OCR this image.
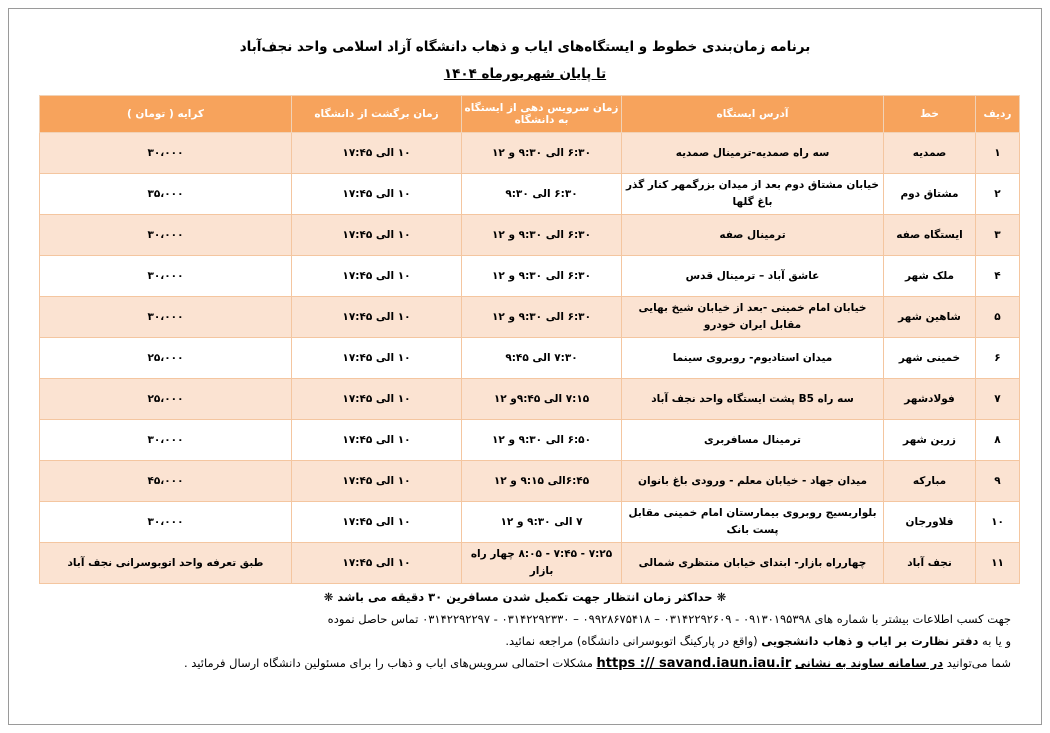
برنامه زمان‌بندی خطوط و ایستگاه‌های ایاب و ذهاب دانشگاه آزاد اسلامی واحد نجف‌آباد
تا پایان شهریورماه ۱۴۰۴
ردیف	خط	آدرس ایستگاه	زمان سرویس دهی از ایستگاه به دانشگاه	زمان برگشت از دانشگاه	کرایه ( تومان )
۱	صمدیه	سه راه صمدیه-ترمینال صمدیه	۶:۳۰ الی ۹:۳۰ و ۱۲	۱۰ الی ۱۷:۴۵	۳۰،۰۰۰
۲	مشتاق دوم	خیابان مشتاق دوم بعد از میدان بزرگمهر کنار گذر باغ گلها	۶:۳۰ الی ۹:۳۰	۱۰ الی ۱۷:۴۵	۳۵،۰۰۰
۳	ایستگاه صفه	ترمینال صفه	۶:۳۰ الی ۹:۳۰ و ۱۲	۱۰ الی ۱۷:۴۵	۳۰،۰۰۰
۴	ملک شهر	عاشق آباد – ترمینال قدس	۶:۳۰ الی ۹:۳۰ و ۱۲	۱۰ الی ۱۷:۴۵	۳۰،۰۰۰
۵	شاهین شهر	خیابان امام خمینی -بعد از خیابان شیخ بهایی مقابل ایران خودرو	۶:۳۰ الی ۹:۳۰ و ۱۲	۱۰ الی ۱۷:۴۵	۳۰،۰۰۰
۶	خمینی شهر	میدان استادیوم- روبروی سینما	۷:۳۰ الی ۹:۴۵	۱۰ الی ۱۷:۴۵	۲۵،۰۰۰
۷	فولادشهر	سه راه B5 پشت ایستگاه واحد نجف آباد	۷:۱۵ الی ۹:۴۵و ۱۲	۱۰ الی ۱۷:۴۵	۲۵،۰۰۰
۸	زرین شهر	ترمینال مسافربری	۶:۵۰ الی ۹:۳۰ و ۱۲	۱۰ الی ۱۷:۴۵	۳۰،۰۰۰
۹	مبارکه	میدان جهاد - خیابان معلم - ورودی باغ بانوان	۶:۴۵الی ۹:۱۵ و ۱۲	۱۰ الی ۱۷:۴۵	۴۵،۰۰۰
۱۰	فلاورجان	بلواربسیج روبروی بیمارستان امام خمینی مقابل پست بانک	۷ الی ۹:۳۰ و ۱۲	۱۰ الی ۱۷:۴۵	۳۰،۰۰۰
۱۱	نجف آباد	چهارراه بازار- ابتدای خیابان منتظری شمالی	۷:۲۵ - ۷:۴۵ - ۸:۰۵ چهار راه بازار	۱۰ الی ۱۷:۴۵	طبق تعرفه واحد اتوبوسرانی نجف آباد

❋ حداکثر زمان انتظار جهت تکمیل شدن مسافرین ۳۰ دقیقه می باشد ❋

جهت کسب اطلاعات بیشتر با شماره های ۰۹۱۳۰۱۹۵۳۹۸ - ۰۳۱۴۲۲۹۲۶۰۹ – ۰۹۹۲۸۶۷۵۴۱۸ – ۰۳۱۴۲۲۹۲۳۳۰ - ۰۳۱۴۲۲۹۲۲۹۷ تماس حاصل نموده

و یا به دفتر نظارت بر ایاب و ذهاب دانشجویی (واقع در پارکینگ اتوبوسرانی دانشگاه) مراجعه نمائید.

شما می‌توانید در سامانه ساوند به نشانی https :// savand.iaun.iau.ir مشکلات احتمالی سرویس‌های ایاب و ذهاب را برای مسئولین دانشگاه ارسال فرمائید .
